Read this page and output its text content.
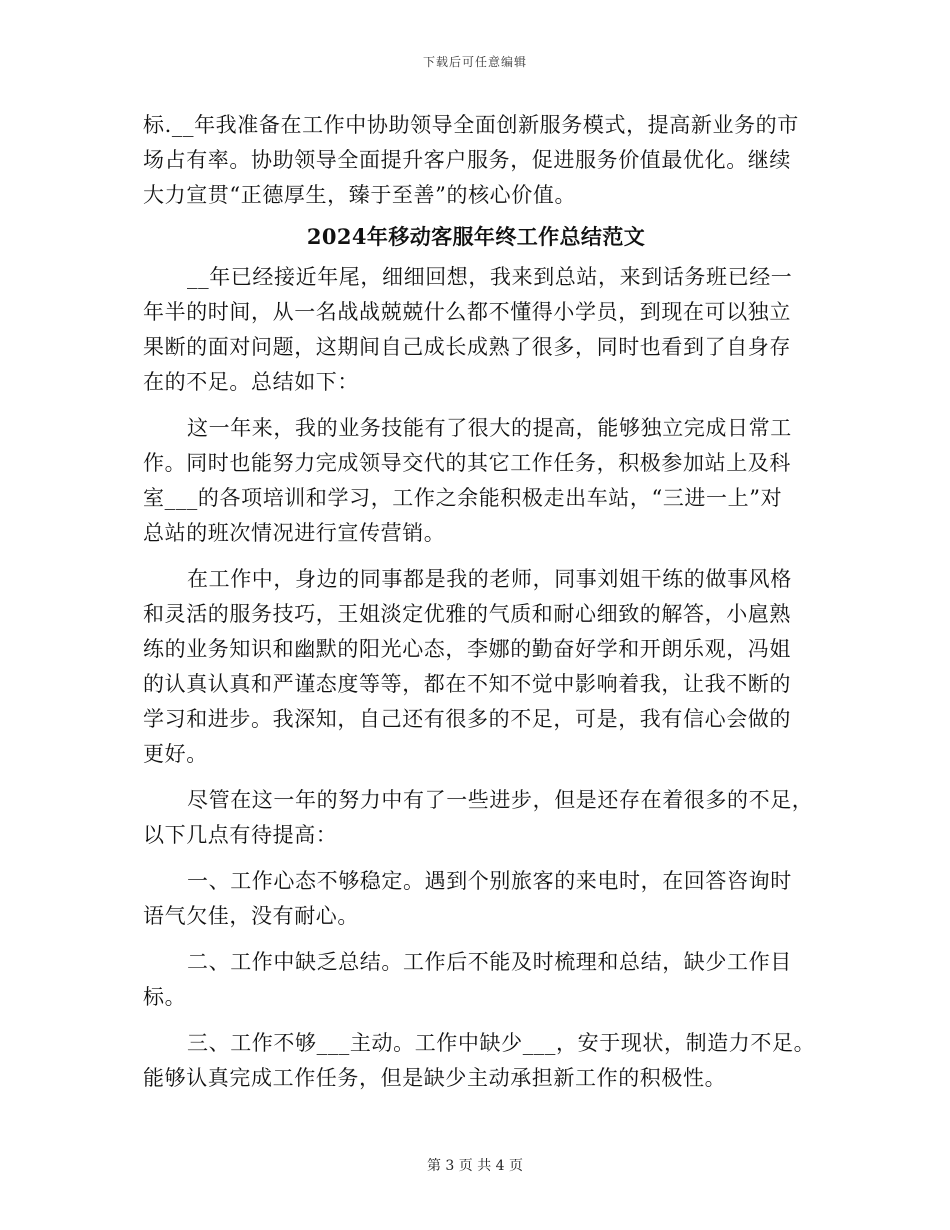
下载后可任意编辑
标.__年我准备在工作中协助领导全面创新服务模式，提高新业务的市
场占有率。协助领导全面提升客户服务，促进服务价值最优化。继续
大力宣贯“正德厚生，臻于至善”的核心价值。
2024年移动客服年终工作总结范文
__年已经接近年尾，细细回想，我来到总站，来到话务班已经一
年半的时间，从一名战战兢兢什么都不懂得小学员，到现在可以独立
果断的面对问题，这期间自己成长成熟了很多，同时也看到了自身存
在的不足。总结如下：
这一年来，我的业务技能有了很大的提高，能够独立完成日常工
作。同时也能努力完成领导交代的其它工作任务，积极参加站上及科
室___的各项培训和学习，工作之余能积极走出车站，“三进一上”对
总站的班次情况进行宣传营销。
在工作中，身边的同事都是我的老师，同事刘姐干练的做事风格
和灵活的服务技巧，王姐淡定优雅的气质和耐心细致的解答，小扈熟
练的业务知识和幽默的阳光心态，李娜的勤奋好学和开朗乐观，冯姐
的认真认真和严谨态度等等，都在不知不觉中影响着我，让我不断的
学习和进步。我深知，自己还有很多的不足，可是，我有信心会做的
更好。
尽管在这一年的努力中有了一些进步，但是还存在着很多的不足，
以下几点有待提高：
一、工作心态不够稳定。遇到个别旅客的来电时，在回答咨询时
语气欠佳，没有耐心。
二、工作中缺乏总结。工作后不能及时梳理和总结，缺少工作目
标。
三、工作不够___主动。工作中缺少___，安于现状，制造力不足。
能够认真完成工作任务，但是缺少主动承担新工作的积极性。
第 3 页 共 4 页
